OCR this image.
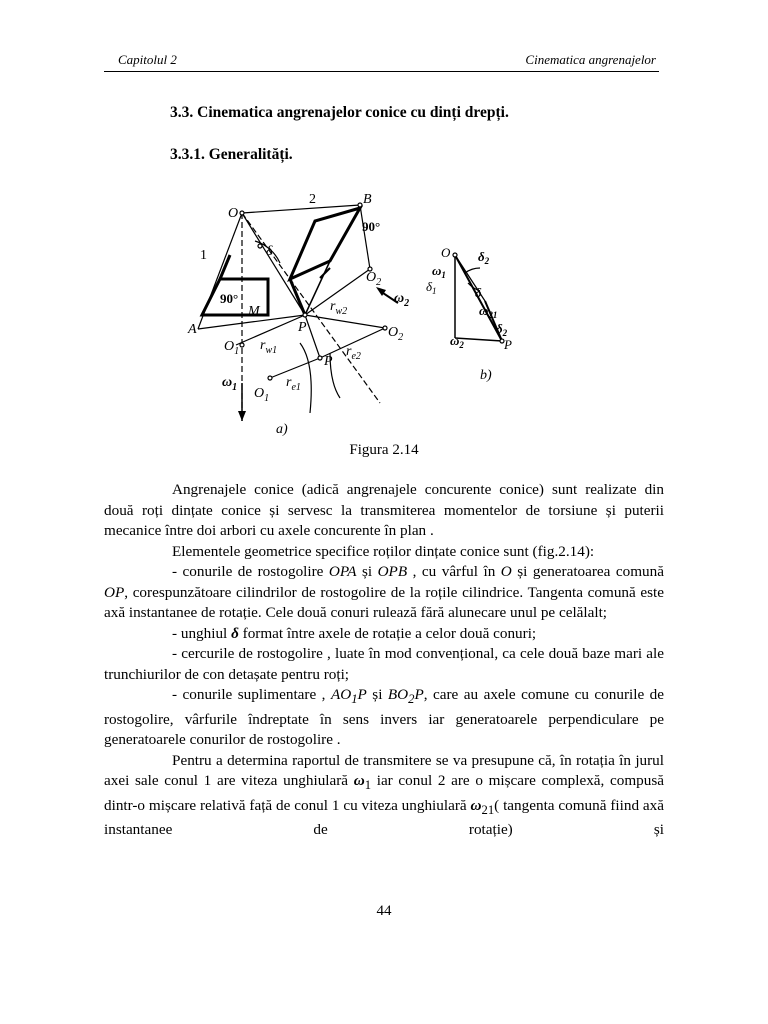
Capitolul 2	Cinematica angrenajelor
3.3. Cinematica angrenajelor conice cu dinți drepți.
3.3.1. Generalități.
O
B
2
1
90°
90°
δ
$O_2$
$\omega_2$
$r_{w2}$
A
M
P
$O_1$ $r_{w1}$
P
$r_{e2}$
$O_2$
$\omega_1$	$r_{e1}$
$O_1$
a)
O $\delta_2$
$\omega_1$
$\delta_1$	δ
$\omega_{21}$
$\delta_2$
$\omega_2$	P
b)
Figura 2.14

Angrenajele conice (adică angrenajele concurente conice) sunt realizate din două roți dințate conice și servesc la transmiterea momentelor de torsiune și puterii mecanice între doi arbori cu axele concurente în plan .

Elementele geometrice specifice roților dințate conice sunt (fig.2.14):

- conurile de rostogolire OPA și OPB , cu vârful în O și generatoarea comună OP, corespunzătoare cilindrilor de rostogolire de la roțile cilindrice. Tangenta comună este axă instantanee de rotație. Cele două conuri rulează fără alunecare unul pe celălalt;

- unghiul δ format între axele de rotație a celor două conuri;

- cercurile de rostogolire , luate în mod convențional, ca cele două baze mari ale trunchiurilor de con detașate pentru roți;

- conurile suplimentare , $AO_1P$ și $BO_2P$, care au axele comune cu conurile de rostogolire, vârfurile îndreptate în sens invers iar generatoarele perpendiculare pe generatoarele conurilor de rostogolire .

Pentru a determina raportul de transmitere se va presupune că, în rotația în jurul axei sale conul 1 are viteza unghiulară $\omega_1$ iar conul 2 are o mișcare complexă, compusă dintr-o mișcare relativă față de conul 1 cu viteza unghiulară $\omega_{21}$( tangenta comună fiind axă instantanee de rotație) și

44
